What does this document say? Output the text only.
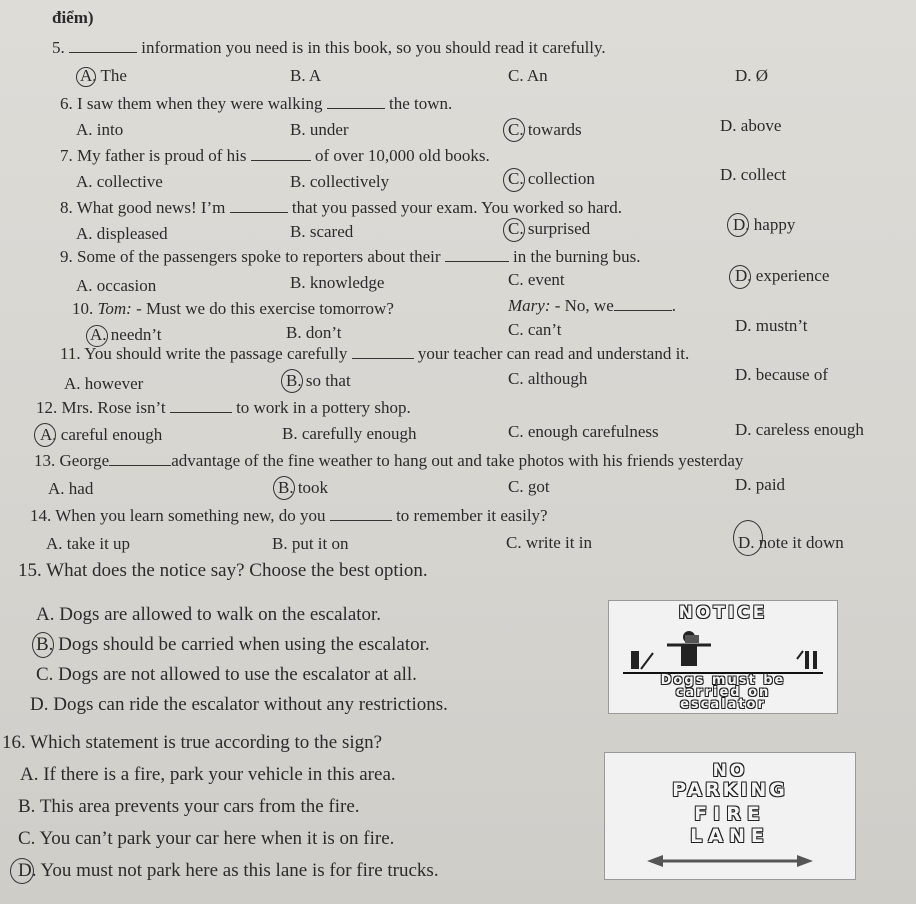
điểm)
5.	information you need is in this book, so you should read it carefully.
A. The	B. A	C. An	D. Ø
6. I saw them when they were walking	the town.
A. into	B. under	C. towards	D. above
7. My father is proud of his	of over 10,000 old books.
A. collective	B. collectively	C. collection	D. collect
8. What good news! I’m	that you passed your exam. You worked so hard.
A. displeased	B. scared	C. surprised	D. happy
9. Some of the passengers spoke to reporters about their	in the burning bus.
A. occasion	B. knowledge	C. event	D. experience
10. Tom: - Must we do this exercise tomorrow?	Mary: - No, we	.
A. needn’t	B. don’t	C. can’t	D. mustn’t
11. You should write the passage carefully	your teacher can read and understand it.
A. however	B. so that	C. although	D. because of
12. Mrs. Rose isn’t	to work in a pottery shop.
A. careful enough	B. carefully enough	C. enough carefulness	D. careless enough
13. George	advantage of the fine weather to hang out and take photos with his friends yesterday
A. had	B. took	C. got	D. paid
14. When you learn something new, do you	to remember it easily?
A. take it up	B. put it on	C. write it in	D. note it down
15. What does the notice say? Choose the best option.
A. Dogs are allowed to walk on the escalator.
B. Dogs should be carried when using the escalator.
C. Dogs are not allowed to use the escalator at all.
D. Dogs can ride the escalator without any restrictions.
NOTICE
Dogs must be
carried on
escalator
16. Which statement is true according to the sign?
A. If there is a fire, park your vehicle in this area.
B. This area prevents your cars from the fire.
C. You can’t park your car here when it is on fire.
D. You must not park here as this lane is for fire trucks.
NO
PARKING
FIRE
LANE
